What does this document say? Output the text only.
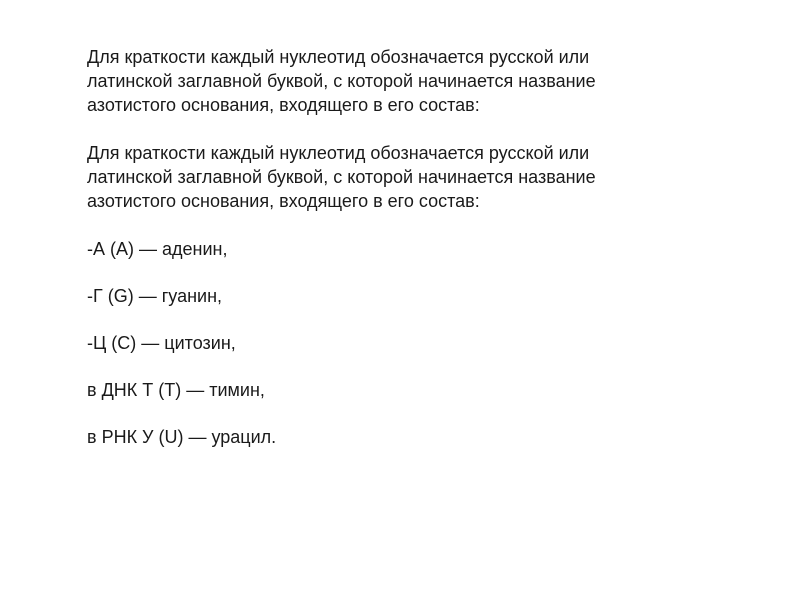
Для краткости каждый нуклеотид обозначается русской или
латинской заглавной буквой, с которой начинается название
азотистого основания, входящего в его состав:

Для краткости каждый нуклеотид обозначается русской или
латинской заглавной буквой, с которой начинается название
азотистого основания, входящего в его состав:

-А (A) — аденин,
-Г (G) — гуанин,
-Ц (C) — цитозин,
в ДНК Т (T) — тимин,
в РНК У (U) — урацил.
